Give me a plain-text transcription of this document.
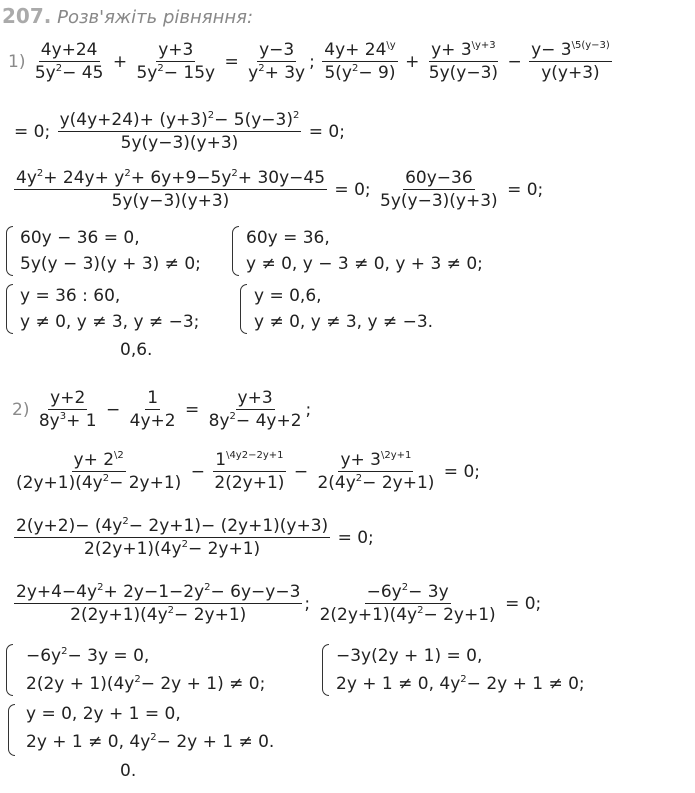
207. Розв'яжіть рівняння:
$1) \frac{4y+24}{5y^2- 45} + \frac{y+3}{5y^2- 15y} = \frac{y-3}{y^2+ 3y}$ ; $\frac{4y+ 24^{\backslash y}}{5(y^2- 9)} + \frac{y+ 3^{\backslash y+3}}{5y(y-3)} - \frac{y- 3^{\backslash 5(y-3)}}{y(y+3)}$
= 0; $\frac{y(4y+24)+ (y+3)^2- 5(y-3)^2}{5y(y-3)(y+3)} = 0$;
$\frac{4y^2+ 24y+ y^2+ 6y+9-5y^2+ 30y-45}{5y(y-3)(y+3)} = 0$; $\frac{60y-36}{5y(y-3)(y+3)} = 0$;
60y − 36 = 0,
5y(y − 3)(y + 3) ≠ 0;
60y = 36,
y ≠ 0, y − 3 ≠ 0, y + 3 ≠ 0;
y = 36 : 60,
y ≠ 0, y ≠ 3, y ≠ −3;
y = 0,6,
y ≠ 0, y ≠ 3, y ≠ −3.
0,6.
$2) \frac{y+2}{8y^3+ 1} - \frac{1}{4y+2} = \frac{y+3}{8y^2- 4y+2}$ ;
$\frac{y+ 2^{\backslash 2}}{(2y+1)(4y^2- 2y+1)} - \frac{1^{\backslash 4y2-2y+1}}{2(2y+1)} - \frac{y+ 3^{\backslash 2y+1}}{2(4y^2- 2y+1)} = 0$;
$\frac{2(y+2)- (4y^2- 2y+1)- (2y+1)(y+3)}{2(2y+1)(4y^2- 2y+1)} = 0$;
$\frac{2y+4-4y^2+ 2y-1-2y^2- 6y-y-3}{2(2y+1)(4y^2- 2y+1)}$ ; $\frac{-6y^2- 3y}{2(2y+1)(4y^2- 2y+1)} = 0$;
$-6y^2- 3y = 0$,
$2(2y + 1)(4y^2- 2y + 1) \ne 0$;
−3y(2y + 1) = 0,
2y + 1 ≠ 0, $4y^2- 2y + 1 \ne 0$;
y = 0, 2y + 1 = 0,
2y + 1 ≠ 0, $4y^2- 2y + 1 \ne 0$.
0.
